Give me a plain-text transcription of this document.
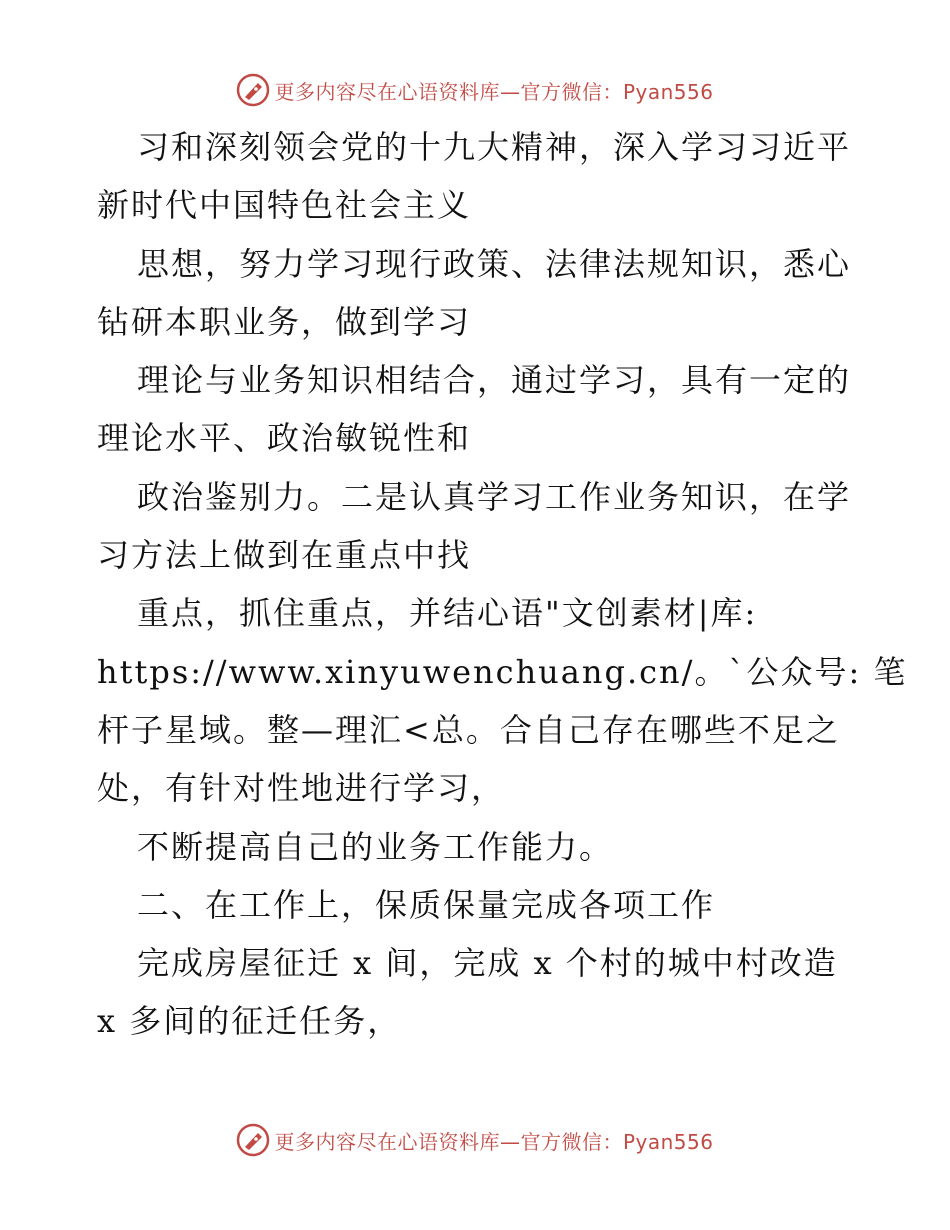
更多内容尽在心语资料库—官方微信：Pyan556
习和深刻领会党的十九大精神，深入学习习近平
新时代中国特色社会主义
思想，努力学习现行政策、法律法规知识，悉心
钻研本职业务，做到学习
理论与业务知识相结合，通过学习，具有一定的
理论水平、政治敏锐性和
政治鉴别力。二是认真学习工作业务知识，在学
习方法上做到在重点中找
重点，抓住重点，并结心语"文创素材|库:
https://www.xinyuwenchuang.cn/。`公众号: 笔
杆子星域。整—理汇<总。合自己存在哪些不足之
处，有针对性地进行学习，
不断提高自己的业务工作能力。
二、在工作上，保质保量完成各项工作
完成房屋征迁 x 间，完成 x 个村的城中村改造
x 多间的征迁任务，
更多内容尽在心语资料库—官方微信：Pyan556
